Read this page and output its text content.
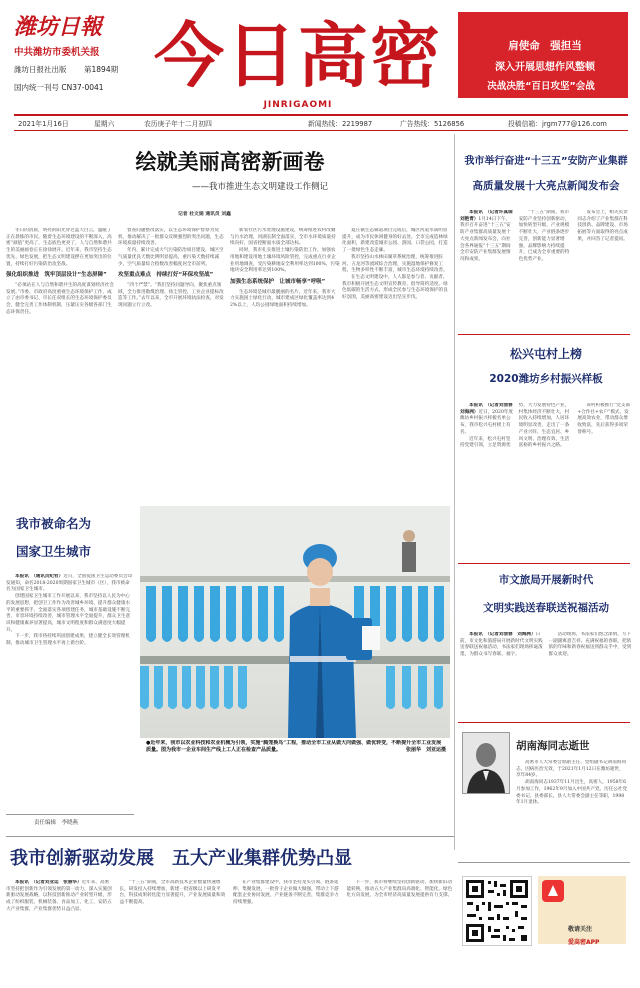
潍坊日報
中共潍坊市委机关报
潍坊日报社出版 第1894期
国内统一刊号 CN37-0041 今日高密
JINRIGAOMI
肩使命　强担当
深入开展思想作风整顿
决战决胜“百日攻坚”会战
2021年1月16日	星期六	农历庚子年十二月初四	新闻热线：2219987	广告热线：5126856	投稿信箱：jrgm777@126.com
绘就美丽高密新画卷
——我市推进生态文明建设工作侧记
记者 杜文娟 通讯员 刘鑫

冬日的清晨，明亮的阳光穿过蓝天白云，温暖了正在晨练的市民。随着生态环境建设的不断深入，高密“颜值”更高了，生态底色更亮了，人与自然和谐共生的美丽画卷正在徐徐展开。近年来，我市坚持生态优先、绿色发展，把生态文明建设摆在更加突出的位置，持续打好污染防治攻坚战。

强化组织推进　筑牢顶层设计“生态屏障”

“必须站在人与自然和谐共生的高度谋划经济社会发展。”市委、市政府高度重视生态环境保护工作，成立了由市委书记、市长任双组长的生态环境保护委员会，健全完善工作体制机制，压紧压实各级各部门生态环保责任。

督查问题整改落实，以生态环境保护督察为契机，推动解决了一批群众反映强烈的突出问题，生态环境质量持续改善。

年内，累计完成大气污染防治项目建设，城区空气质量优良天数比例明显提高，重污染天数持续减少，空气质量综合指数改善幅度居全市前列。

攻坚重点难点　持续打好“环保攻坚战”

“四个严禁”。“我们坚持问题导向，聚焦重点领域，全力推进散煤治理、扬尘管控、工业企业提标改造等工作。”去年以来，全市开展环境执法检查，对发现问题立行立改。

新农社区污水处理设施建设，统筹推进农村改厕与污水治理，河湖长制全面落实，全市水环境质量持续向好，国省控断面水质全部达标。

同时，我市扎实推进土壤污染防治工作，加强农用地和建设用地土壤环境风险管控，完成重点行业企业用地调查，受污染耕地安全利用率达到100%，污染地块安全利用率达到100%。

加强生态系统保护　让城市畅享“呼吸”

生态环境是城市最靓丽的名片。近年来，我市大力实施国土绿化行动，城市建成区绿化覆盖率达到42%以上，人均公园绿地面积持续增加。

夏庄镇生态廊道项目完成后，城区河道水质明显提升，成为市民休闲健身的好去处。全市完成造林绿化面积，新建改造城市公园、游园、口袋公园，打造了一批绿色生态走廊。

我市坚持山水林田湖草系统治理，统筹推进胶河、五龙河等流域综合治理，实施湿地保护修复工程，生物多样性不断丰富，城市生态环境持续改善。

在生态文明建设中，人人都是参与者、贡献者。我市积极开展生态文明宣传教育，倡导简约适度、绿色低碳的生活方式，形成全民参与生态环境保护的良好氛围，美丽高密建设迈出坚实步伐。

我市举行奋进“十三五”安防产业集群
高质量发展十大亮点新闻发布会

本报讯　（记者许真瑞　刘艳青）1月14日下午，我市召开奋进“十三五”安防产业集群高质量发展十大亮点新闻发布会，向社会各界通报“十三五”期间全市安防产业集群发展情况和成果。

“十三五”期间，我市安防产业坚持创新驱动，加快转型升级，产业规模不断壮大，产业链条逐步完善，创新能力显著增强，品牌影响力持续提升，已成为全市重要的特色优势产业。

发布会上，相关负责同志介绍了产业集群在科技创新、品牌建设、市场拓展等方面取得的亮点成果，并回答了记者提问。

松兴屯村上榜
2020潍坊乡村振兴样板

本报讯　（记者刘清春　刘海洲）近日，2020年度潍坊乡村振兴样板名单公布，我市松兴屯村榜上有名。

近年来，松兴屯村坚持党建引领，立足资源优势，大力发展特色产业，村集体经济不断壮大，村民收入持续增加，人居环境明显改善，走出了一条产业兴旺、生态宜居、乡风文明、治理有效、生活富裕的乡村振兴之路。

该村积极推行“党支部+合作社+农户”模式，发展高效农业，带动群众增收致富，先后获得多项荣誉称号。

市文旅局开展新时代
文明实践送春联送祝福活动

本报讯　（记者刘清春　刘海洲）日前，市文化和旅游局开展新时代文明实践送春联送祝福活动，书法家们现场挥毫泼墨，为群众书写春联、福字。

活动现场，书法家们饱含深情，写下一副副寓意吉祥、充满祝福的春联，把浓浓的年味和新春祝福送到群众手中，受到群众欢迎。

胡南海同志逝世

高密市人大常委会原副主任、党组副书记胡南海同志，因病医治无效，于2021年1月12日在潍坊逝世，享年84岁。

胡南海同志1937年11月出生，高密人，1958年6月参加工作，1962年9月加入中国共产党。历任公社党委书记、县委部长、县人大常委会副主任等职，1998年1月退休。

我市被命名为
国家卫生城市

本报讯　（通讯员纪哲）近日，全国爱国卫生运动委员会印发通知，命名2018-2020周期国家卫生城市（区），我市被命名为国家卫生城市。

创建国家卫生城市工作开展以来，我市坚持以人民为中心的发展思想，把创卫工作作为改善城乡环境、提升群众健康水平的重要抓手，全面落实各项创建任务，城市基础设施不断完善，市容环境持续改善，城市管理水平全面提升，群众卫生意识和健康素养显著提高，城市文明程度和群众满意度大幅提升。

下一步，我市将持续巩固创建成果，建立健全长效管理机制，推动城市卫生管理水平再上新台阶。

责任编辑　李晓燕
●近年来，我市以农业科技和农业机械为引领，实施“腾笼换鸟”工程，推动全市工业从做大向做强、做优转变，不断提升全市工业发展质量。图为我市一企业车间生产线上工人正在检查产品质量。	张丽华　刘亚运摄
我市创新驱动发展　五大产业集群优势凸显

本报讯　（记者刘亚运　张丽华）近年来，高密市坚持把创新作为引领发展的第一动力，深入实施创新驱动发展战略，以科技创新推动产业转型升级，形成了纺织服装、机械装备、食品加工、化工、安防五大产业集群，产业集群优势日益凸显。

“十三五”期间，全市高新技术企业数量快速增长，研发投入持续增加，新建一批省级以上研发平台，科技成果转化能力显著提升，产业发展质量和效益不断提高。

在产业集群建设中，我市坚持龙头引领、链条延伸、集聚发展，一批骨干企业做大做强，带动上下游配套企业协同发展，产业链条不断完善，集群竞争力持续增强。

下一步，我市将继续坚持创新驱动，加快新旧动能转换，推动五大产业集群向高端化、智能化、绿色化方向发展，为全市经济高质量发展提供有力支撑。

敬请关注
爱高密APP
